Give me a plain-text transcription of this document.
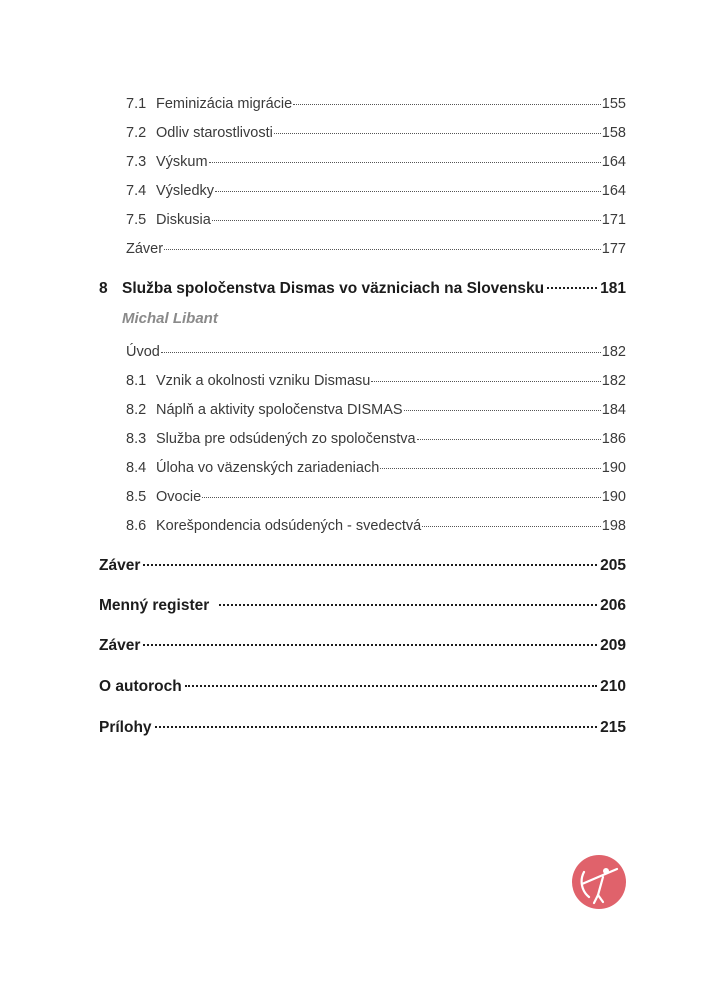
7.1 Feminizácia migrácie	155
7.2 Odliv starostlivosti	158
7.3 Výskum	164
7.4 Výsledky	164
7.5 Diskusia	171
Záver	177
8 Služba spoločenstva Dismas vo väzniciach na Slovensku	181
Michal Libant
Úvod	182
8.1 Vznik a okolnosti vzniku Dismasu	182
8.2 Náplň a aktivity spoločenstva DISMAS	184
8.3 Služba pre odsúdených zo spoločenstva	186
8.4 Úloha vo väzenských zariadeniach	190
8.5 Ovocie	190
8.6 Korešpondencia odsúdených - svedectvá	198
Záver	205
Menný register	206
Záver	209
O autoroch	210
Prílohy	215
